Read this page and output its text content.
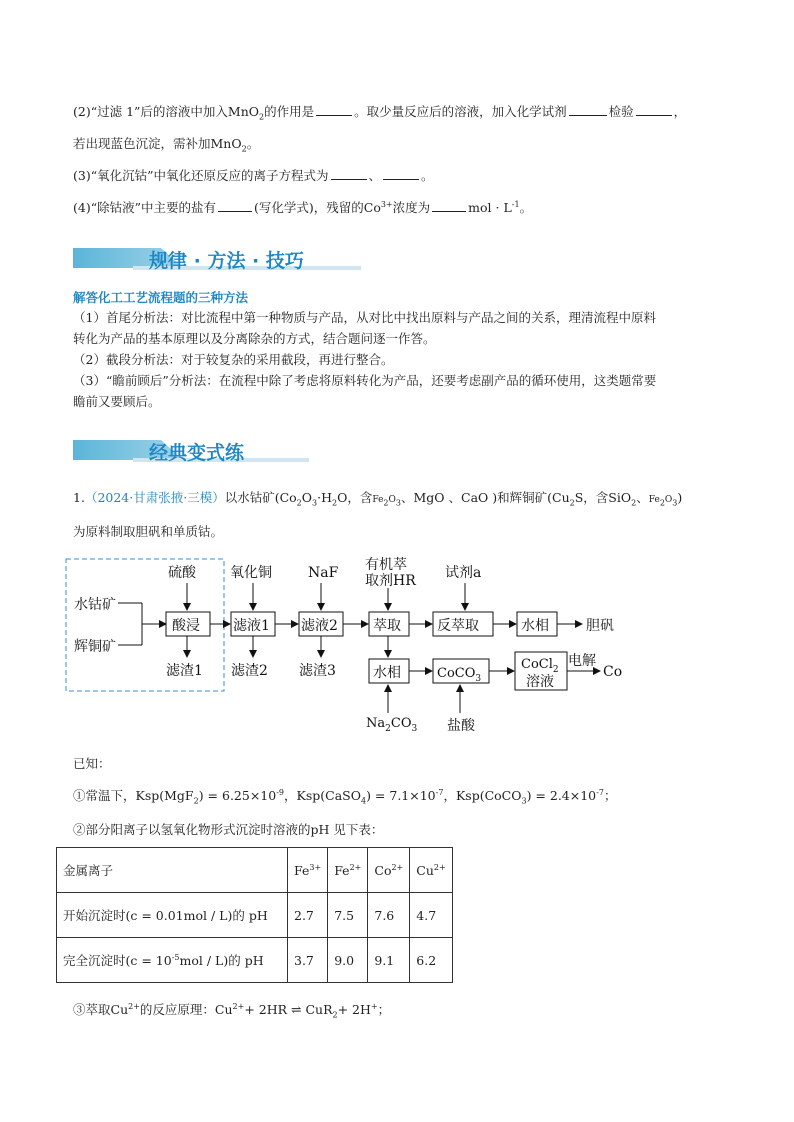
(2)“过滤 1”后的溶液中加入MnO$_2$的作用是	。取少量反应后的溶液，加入化学试剂	检验	，
若出现蓝色沉淀，需补加MnO$_2$。
(3)“氧化沉钴”中氧化还原反应的离子方程式为	、	。
(4)“除钴液”中主要的盐有	(写化学式)，残留的$Co^{3+}$浓度为	mol · $L^{-1}$。
规律 · 方法 · 技巧
解答化工工艺流程题的三种方法
（1）首尾分析法：对比流程中第一种物质与产品，从对比中找出原料与产品之间的关系，理清流程中原料
转化为产品的基本原理以及分离除杂的方式，结合题问逐一作答。
（2）截段分析法：对于较复杂的采用截段，再进行整合。
（3）“瞻前顾后”分析法：在流程中除了考虑将原料转化为产品，还要考虑副产品的循环使用，这类题常要
瞻前又要顾后。
经典变式练
1.（2024·甘肃张掖·三模）以水钴矿($Co_2O_3\cdot H_2O$，含$Fe_2O_3$、MgO 、CaO )和辉铜矿($Cu_2S$，含SiO$_2$、$Fe_2O_3$)
为原料制取胆矾和单质钴。
水钴矿
辉铜矿
硫酸
酸浸
滤渣1
氧化铜
滤液1
滤渣2
NaF
滤液2
滤渣3
有机萃
取剂HR
萃取
试剂a
反萃取	水相	胆矾
水相	CoCO$_3$
CoCl$_2$
溶液
电解
Co
$Na_2CO_3$ 盐酸
已知：
①常温下，$Ksp(MgF_2) = 6.25\times 10^{-9}$，Ksp(CaSO$_4$) = $7.1\times 10^{-7}$，Ksp(CoCO$_3$) = $2.4\times 10^{-7}$；
②部分阳离子以氢氧化物形式沉淀时溶液的pH 见下表：
金属离子	$Fe^{3+}$	$Fe^{2+}$	$Co^{2+}$	$Cu^{2+}$
开始沉淀时(c = 0.01mol / L)的 pH	2.7	7.5	7.6	4.7
完全沉淀时$(c = 10^{-5}mol / L)$的 pH	3.7	9.0	9.1	6.2
③萃取$Cu^{2+}$的反应原理：$Cu^{2+}+ 2HR$ ⇌ CuR$_2$+ 2H+；
